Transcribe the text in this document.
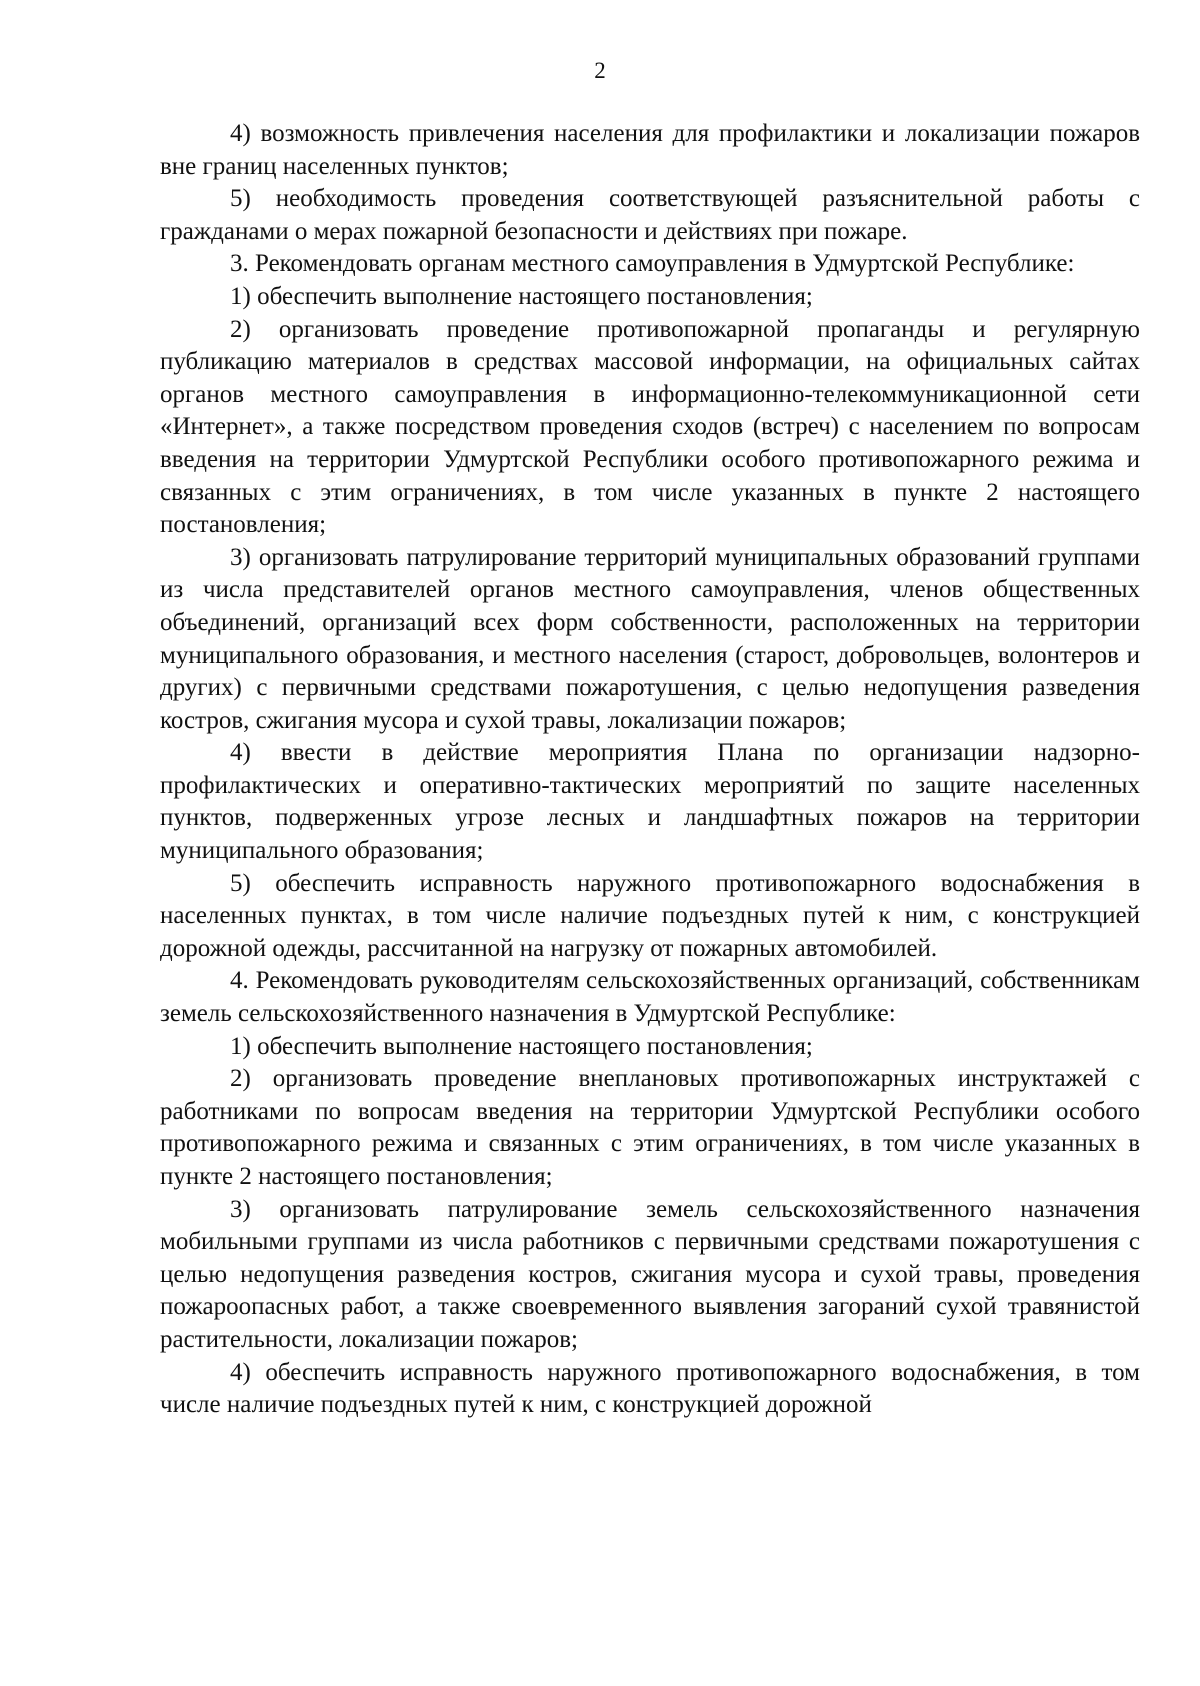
2

4) возможность привлечения населения для профилактики и локализации пожаров вне границ населенных пунктов;

5) необходимость проведения соответствующей разъяснительной работы с гражданами о мерах пожарной безопасности и действиях при пожаре.

3. Рекомендовать органам местного самоуправления в Удмуртской Республике:

1) обеспечить выполнение настоящего постановления;

2) организовать проведение противопожарной пропаганды и регулярную публикацию материалов в средствах массовой информации, на официальных сайтах органов местного самоуправления в информационно-телекоммуникационной сети «Интернет», а также посредством проведения сходов (встреч) с населением по вопросам введения на территории Удмуртской Республики особого противопожарного режима и связанных с этим ограничениях, в том числе указанных в пункте 2 настоящего постановления;

3) организовать патрулирование территорий муниципальных образований группами из числа представителей органов местного самоуправления, членов общественных объединений, организаций всех форм собственности, расположенных на территории муниципального образования, и местного населения (старост, добровольцев, волонтеров и других) с первичными средствами пожаротушения, с целью недопущения разведения костров, сжигания мусора и сухой травы, локализации пожаров;

4) ввести в действие мероприятия Плана по организации надзорно-профилактических и оперативно-тактических мероприятий по защите населенных пунктов, подверженных угрозе лесных и ландшафтных пожаров на территории муниципального образования;

5) обеспечить исправность наружного противопожарного водоснабжения в населенных пунктах, в том числе наличие подъездных путей к ним, с конструкцией дорожной одежды, рассчитанной на нагрузку от пожарных автомобилей.

4. Рекомендовать руководителям сельскохозяйственных организаций, собственникам земель сельскохозяйственного назначения в Удмуртской Республике:

1) обеспечить выполнение настоящего постановления;

2) организовать проведение внеплановых противопожарных инструктажей с работниками по вопросам введения на территории Удмуртской Республики особого противопожарного режима и связанных с этим ограничениях, в том числе указанных в пункте 2 настоящего постановления;

3) организовать патрулирование земель сельскохозяйственного назначения мобильными группами из числа работников с первичными средствами пожаротушения с целью недопущения разведения костров, сжигания мусора и сухой травы, проведения пожароопасных работ, а также своевременного выявления загораний сухой травянистой растительности, локализации пожаров;

4) обеспечить исправность наружного противопожарного водоснабжения, в том числе наличие подъездных путей к ним, с конструкцией дорожной
